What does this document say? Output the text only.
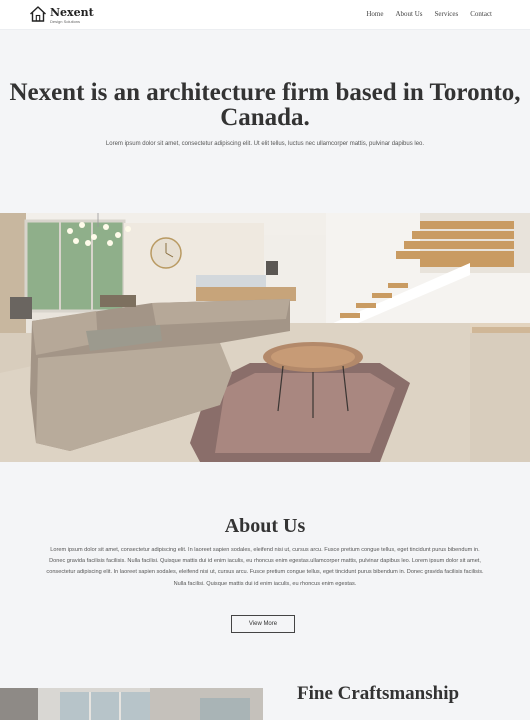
Nexent
Design Solutions
Home About Us Services Contact
Nexent is an architecture firm based in Toronto, Canada.

Lorem ipsum dolor sit amet, consectetur adipiscing elit. Ut elit tellus, luctus nec ullamcorper mattis, pulvinar dapibus leo.

About Us

Lorem ipsum dolor sit amet, consectetur adipiscing elit. In laoreet sapien sodales, eleifend nisi ut, cursus arcu. Fusce pretium congue tellus, eget tincidunt purus bibendum in. Donec gravida facilisis facilisis. Nulla facilisi. Quisque mattis dui id enim iaculis, eu rhoncus enim egestas.ullamcorper mattis, pulvinar dapibus leo. Lorem ipsum dolor sit amet, consectetur adipiscing elit. In laoreet sapien sodales, eleifend nisi ut, cursus arcu. Fusce pretium congue tellus, eget tincidunt purus bibendum in. Donec gravida facilisis facilisis. Nulla facilisi. Quisque mattis dui id enim iaculis, eu rhoncus enim egestas.

View More
Fine Craftsmanship
